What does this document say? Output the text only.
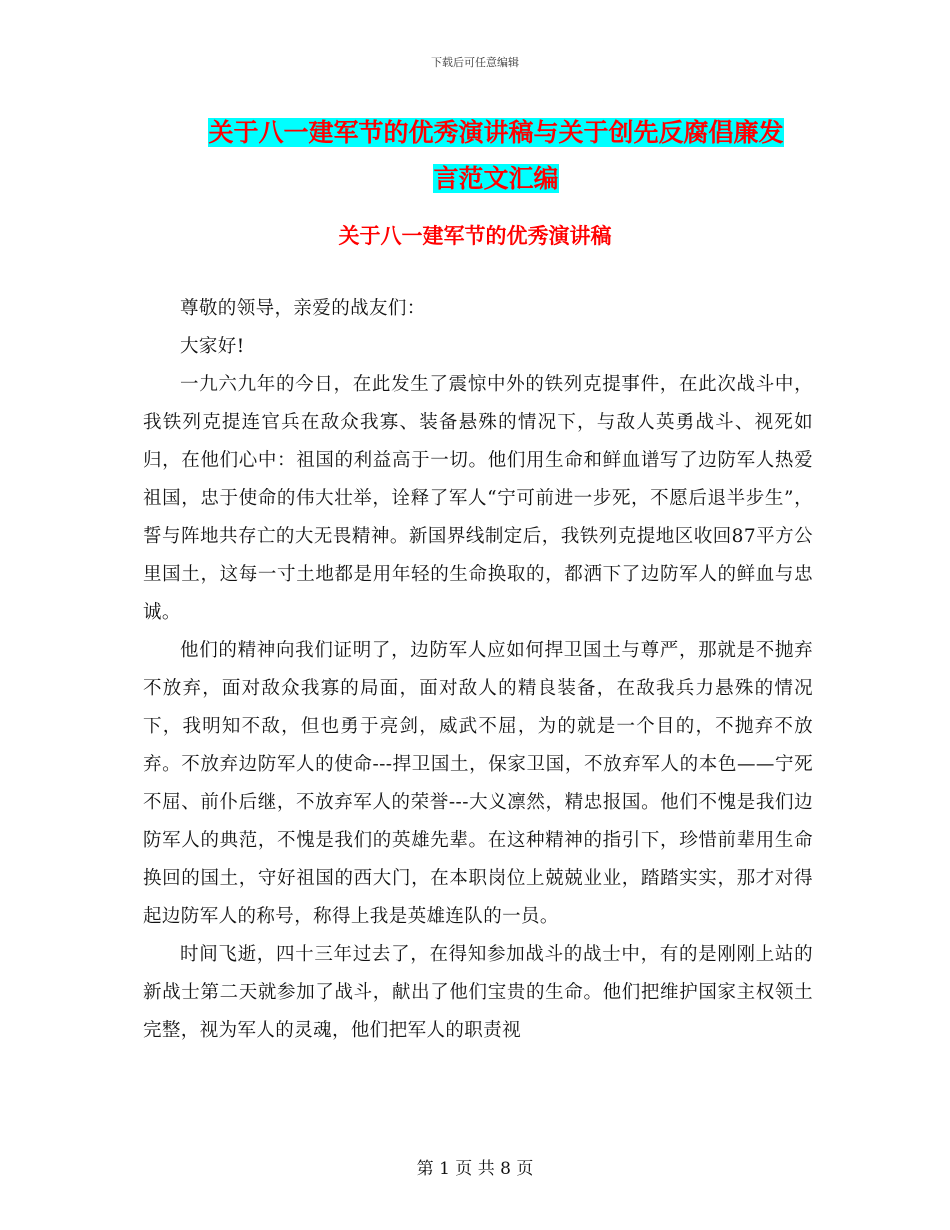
下载后可任意编辑
关于八一建军节的优秀演讲稿与关于创先反腐倡廉发
言范文汇编
关于八一建军节的优秀演讲稿

尊敬的领导，亲爱的战友们：

大家好!

一九六九年的今日，在此发生了震惊中外的铁列克提事件，在此次战斗中，我铁列克提连官兵在敌众我寡、装备悬殊的情况下，与敌人英勇战斗、视死如归，在他们心中：祖国的利益高于一切。他们用生命和鲜血谱写了边防军人热爱祖国，忠于使命的伟大壮举，诠释了军人“宁可前进一步死，不愿后退半步生”，誓与阵地共存亡的大无畏精神。新国界线制定后，我铁列克提地区收回87平方公里国土，这每一寸土地都是用年轻的生命换取的，都洒下了边防军人的鲜血与忠诚。

他们的精神向我们证明了，边防军人应如何捍卫国土与尊严，那就是不抛弃不放弃，面对敌众我寡的局面，面对敌人的精良装备，在敌我兵力悬殊的情况下，我明知不敌，但也勇于亮剑，威武不屈，为的就是一个目的，不抛弃不放弃。不放弃边防军人的使命---捍卫国土，保家卫国，不放弃军人的本色——宁死不屈、前仆后继，不放弃军人的荣誉---大义凛然，精忠报国。他们不愧是我们边防军人的典范，不愧是我们的英雄先辈。在这种精神的指引下，珍惜前辈用生命换回的国土，守好祖国的西大门，在本职岗位上兢兢业业，踏踏实实，那才对得起边防军人的称号，称得上我是英雄连队的一员。

时间飞逝，四十三年过去了，在得知参加战斗的战士中，有的是刚刚上站的新战士第二天就参加了战斗，献出了他们宝贵的生命。他们把维护国家主权领土完整，视为军人的灵魂，他们把军人的职责视

第 1 页 共 8 页
